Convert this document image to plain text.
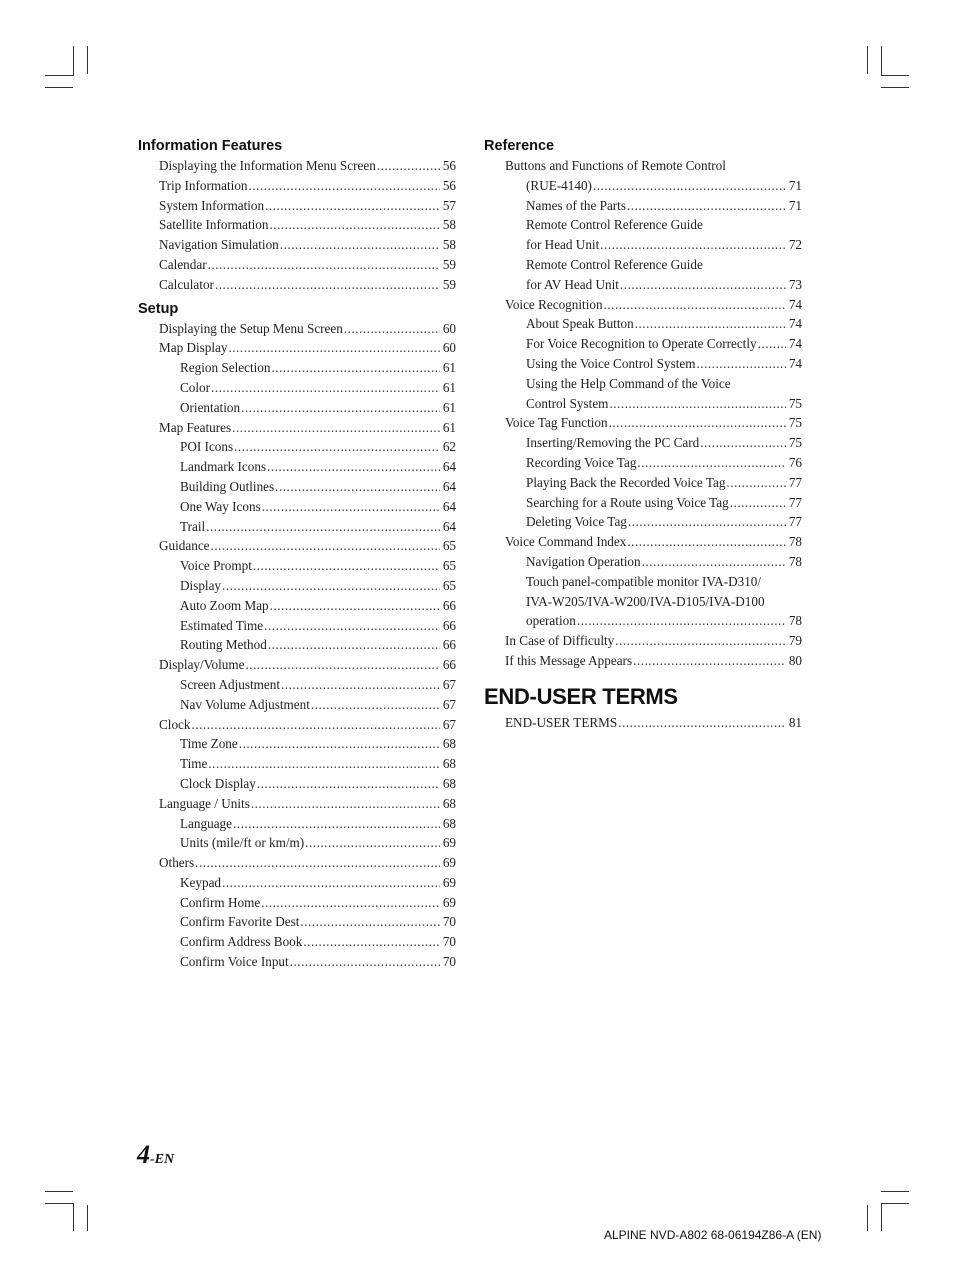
Information Features
Displaying the Information Menu Screen .....	56
Trip Information .....	56
System Information .....	57
Satellite Information .....	58
Navigation Simulation .....	58
Calendar .....	59
Calculator .....	59
Setup
Displaying the Setup Menu Screen .....	60
Map Display .....	60
Region Selection .....	61
Color .....	61
Orientation .....	61
Map Features .....	61
POI Icons .....	62
Landmark Icons .....	64
Building Outlines .....	64
One Way Icons .....	64
Trail .....	64
Guidance .....	65
Voice Prompt .....	65
Display .....	65
Auto Zoom Map .....	66
Estimated Time .....	66
Routing Method .....	66
Display/Volume .....	66
Screen Adjustment .....	67
Nav Volume Adjustment .....	67
Clock .....	67
Time Zone .....	68
Time .....	68
Clock Display .....	68
Language / Units .....	68
Language .....	68
Units (mile/ft or km/m) .....	69
Others .....	69
Keypad .....	69
Confirm Home .....	69
Confirm Favorite Dest .....	70
Confirm Address Book .....	70
Confirm Voice Input .....	70
Reference
Buttons and Functions of Remote Control
(RUE-4140) .....	71
Names of the Parts .....	71
Remote Control Reference Guide
for Head Unit .....	72
Remote Control Reference Guide
for AV Head Unit .....	73
Voice Recognition .....	74
About Speak Button .....	74
For Voice Recognition to Operate Correctly ..... 74
Using the Voice Control System .....	74
Using the Help Command of the Voice
Control System .....	75
Voice Tag Function .....	75
Inserting/Removing the PC Card .....	75
Recording Voice Tag .....	76
Playing Back the Recorded Voice Tag .....	77
Searching for a Route using Voice Tag .....	77
Deleting Voice Tag .....	77
Voice Command Index .....	78
Navigation Operation .....	78
Touch panel-compatible monitor IVA-D310/
IVA-W205/IVA-W200/IVA-D105/IVA-D100
operation .....	78
In Case of Difficulty .....	79
If this Message Appears .....	80
END-USER TERMS
END-USER TERMS .....	81
4-EN
ALPINE NVD-A802 68-06194Z86-A (EN)
